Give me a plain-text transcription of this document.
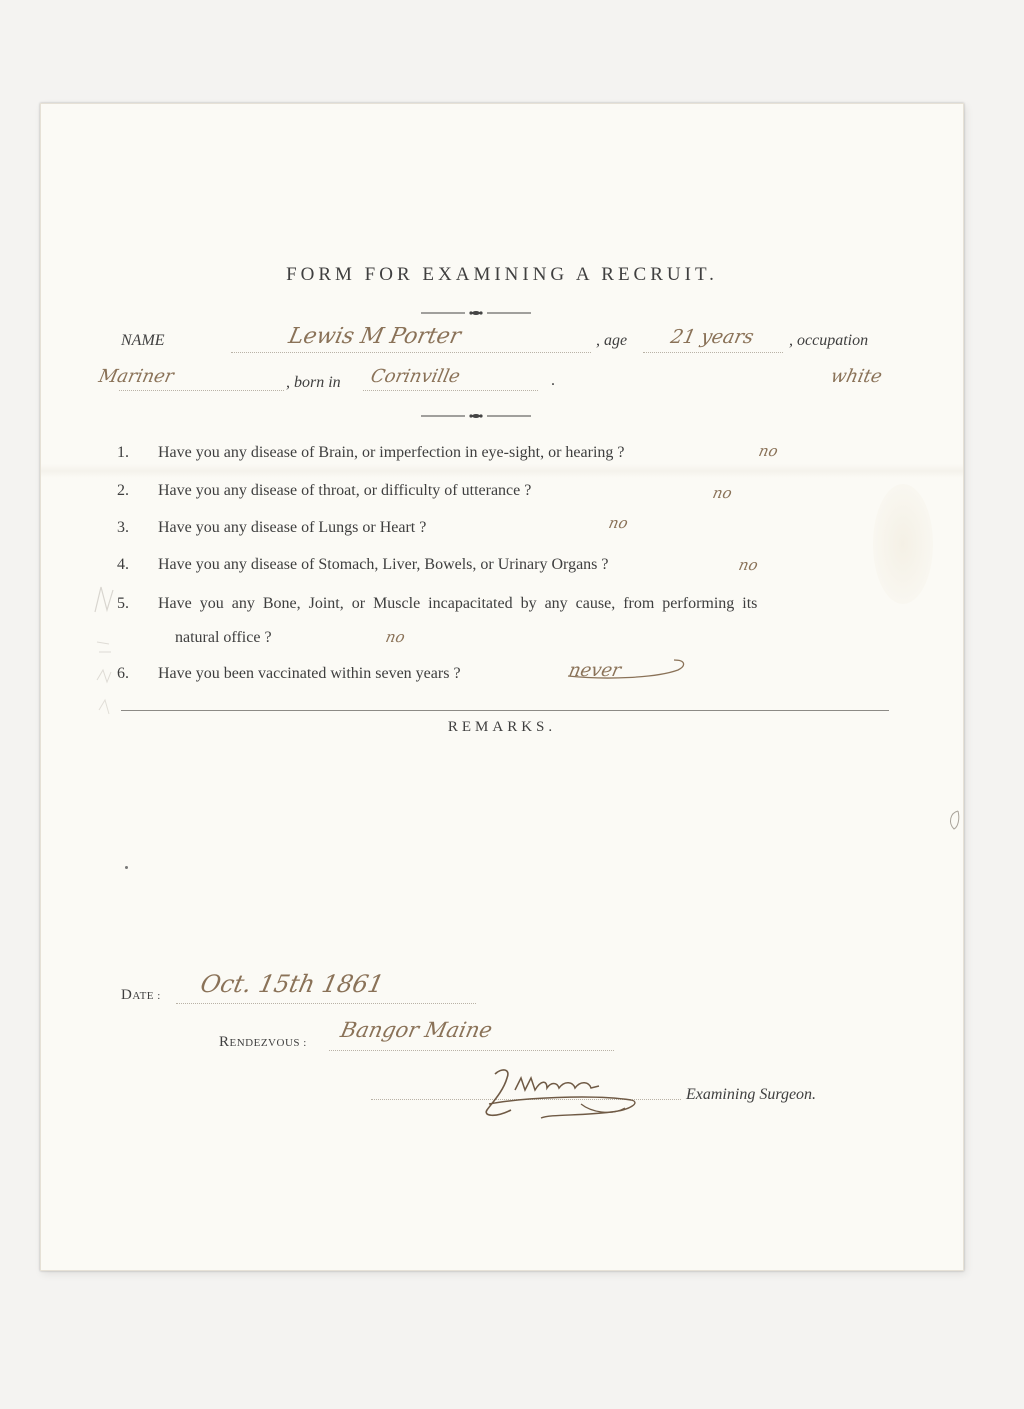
FORM FOR EXAMINING A RECRUIT.
NAME	Lewis M Porter	, age 21 years , occupation
Mariner	, born in Corinville	.	white
1.	Have you any disease of Brain, or imperfection in eye-sight, or hearing ?	no
2.	Have you any disease of throat, or difficulty of utterance ?	no
3.	Have you any disease of Lungs or Heart ?	no
4.	Have you any disease of Stomach, Liver, Bowels, or Urinary Organs ?	no
5.	Have you any Bone, Joint, or Muscle incapacitated by any cause, from performing its
natural office ?	no
6.	Have you been vaccinated within seven years ?	never
REMARKS.
DATE : Oct. 15th 1861
RENDEZVOUS :
Bangor Maine
Examining Surgeon.
